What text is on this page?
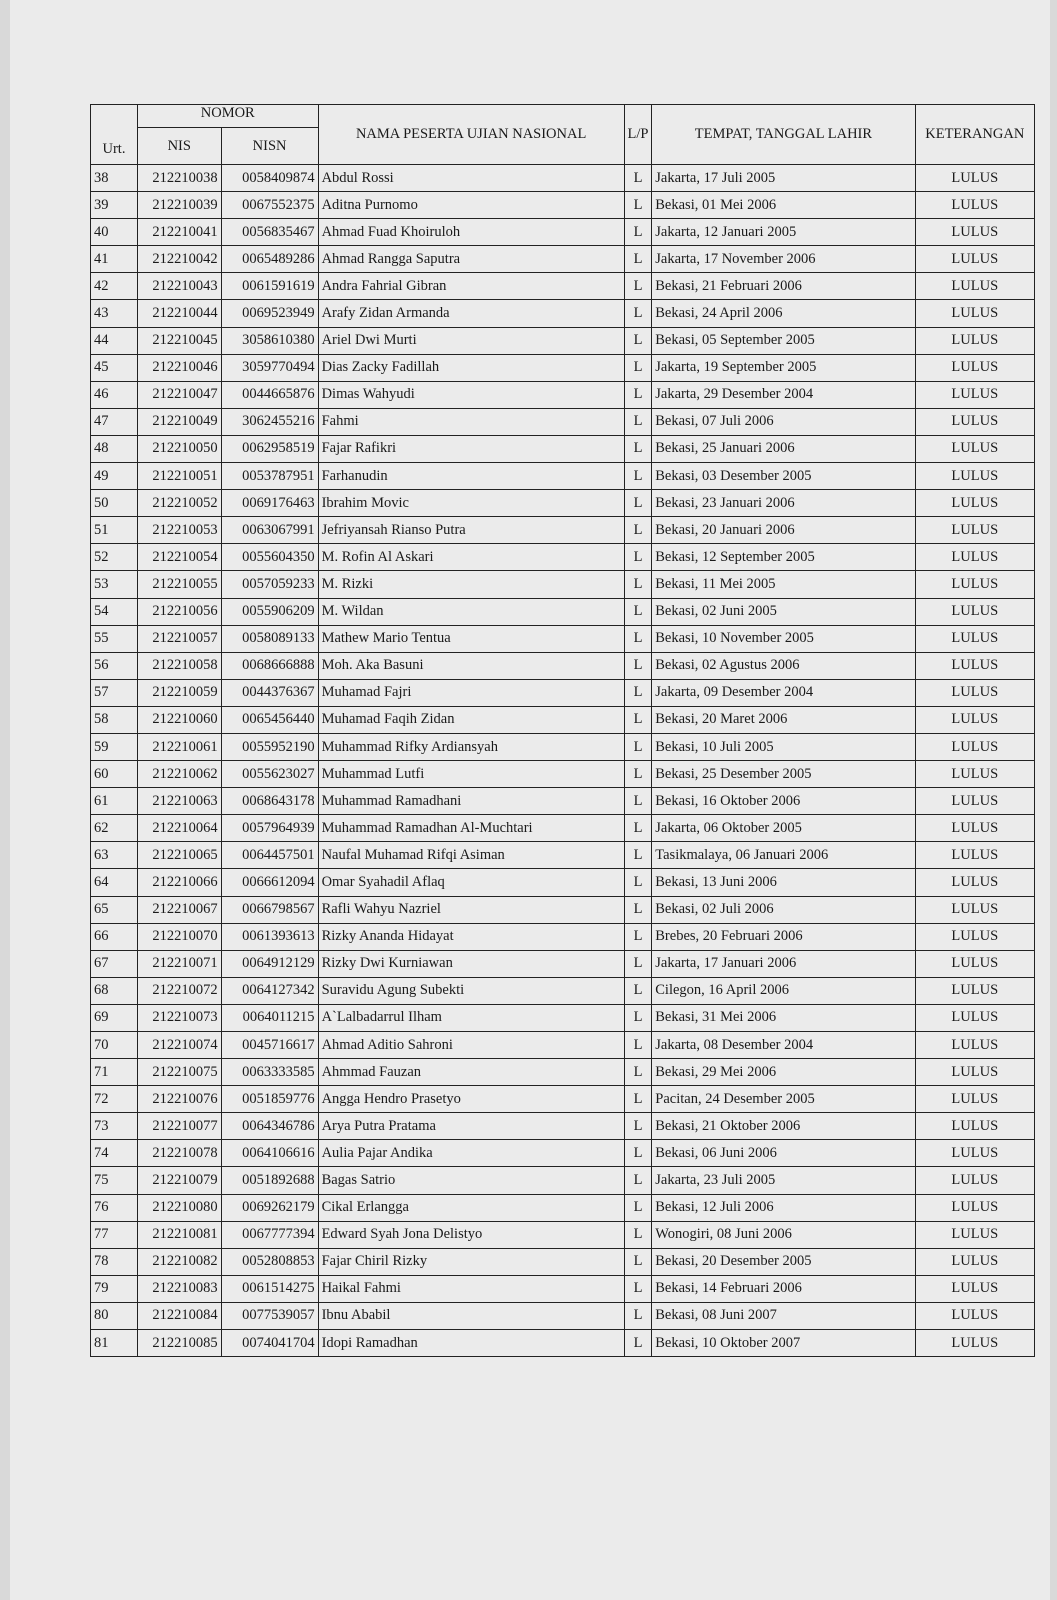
Urt.	NOMOR		NAMA PESERTA UJIAN NASIONAL	L/P	TEMPAT, TANGGAL LAHIR	KETERANGAN
	NIS	NISN				
38	212210038	0058409874	Abdul Rossi	L	Jakarta, 17 Juli 2005	LULUS
39	212210039	0067552375	Aditna Purnomo	L	Bekasi, 01 Mei 2006	LULUS
40	212210041	0056835467	Ahmad Fuad Khoiruloh	L	Jakarta, 12 Januari 2005	LULUS
41	212210042	0065489286	Ahmad Rangga Saputra	L	Jakarta, 17 November 2006	LULUS
42	212210043	0061591619	Andra Fahrial Gibran	L	Bekasi, 21 Februari 2006	LULUS
43	212210044	0069523949	Arafy Zidan Armanda	L	Bekasi, 24 April 2006	LULUS
44	212210045	3058610380	Ariel Dwi Murti	L	Bekasi, 05 September 2005	LULUS
45	212210046	3059770494	Dias Zacky Fadillah	L	Jakarta, 19 September 2005	LULUS
46	212210047	0044665876	Dimas Wahyudi	L	Jakarta, 29 Desember 2004	LULUS
47	212210049	3062455216	Fahmi	L	Bekasi, 07 Juli 2006	LULUS
48	212210050	0062958519	Fajar Rafikri	L	Bekasi, 25 Januari 2006	LULUS
49	212210051	0053787951	Farhanudin	L	Bekasi, 03 Desember 2005	LULUS
50	212210052	0069176463	Ibrahim Movic	L	Bekasi, 23 Januari 2006	LULUS
51	212210053	0063067991	Jefriyansah Rianso Putra	L	Bekasi, 20 Januari 2006	LULUS
52	212210054	0055604350	M. Rofin Al Askari	L	Bekasi, 12 September 2005	LULUS
53	212210055	0057059233	M. Rizki	L	Bekasi, 11 Mei 2005	LULUS
54	212210056	0055906209	M. Wildan	L	Bekasi, 02 Juni 2005	LULUS
55	212210057	0058089133	Mathew Mario Tentua	L	Bekasi, 10 November 2005	LULUS
56	212210058	0068666888	Moh. Aka Basuni	L	Bekasi, 02 Agustus 2006	LULUS
57	212210059	0044376367	Muhamad Fajri	L	Jakarta, 09 Desember 2004	LULUS
58	212210060	0065456440	Muhamad Faqih Zidan	L	Bekasi, 20 Maret 2006	LULUS
59	212210061	0055952190	Muhammad Rifky Ardiansyah	L	Bekasi, 10 Juli 2005	LULUS
60	212210062	0055623027	Muhammad Lutfi	L	Bekasi, 25 Desember 2005	LULUS
61	212210063	0068643178	Muhammad Ramadhani	L	Bekasi, 16 Oktober 2006	LULUS
62	212210064	0057964939	Muhammad Ramadhan Al-Muchtari	L	Jakarta, 06 Oktober 2005	LULUS
63	212210065	0064457501	Naufal Muhamad Rifqi Asiman	L	Tasikmalaya, 06 Januari 2006	LULUS
64	212210066	0066612094	Omar Syahadil Aflaq	L	Bekasi, 13 Juni 2006	LULUS
65	212210067	0066798567	Rafli Wahyu Nazriel	L	Bekasi, 02 Juli 2006	LULUS
66	212210070	0061393613	Rizky Ananda Hidayat	L	Brebes, 20 Februari 2006	LULUS
67	212210071	0064912129	Rizky Dwi Kurniawan	L	Jakarta, 17 Januari 2006	LULUS
68	212210072	0064127342	Suravidu Agung Subekti	L	Cilegon, 16 April 2006	LULUS
69	212210073	0064011215	A`Lalbadarrul Ilham	L	Bekasi, 31 Mei 2006	LULUS
70	212210074	0045716617	Ahmad Aditio Sahroni	L	Jakarta, 08 Desember 2004	LULUS
71	212210075	0063333585	Ahmmad Fauzan	L	Bekasi, 29 Mei 2006	LULUS
72	212210076	0051859776	Angga Hendro Prasetyo	L	Pacitan, 24 Desember 2005	LULUS
73	212210077	0064346786	Arya Putra Pratama	L	Bekasi, 21 Oktober 2006	LULUS
74	212210078	0064106616	Aulia Pajar Andika	L	Bekasi, 06 Juni 2006	LULUS
75	212210079	0051892688	Bagas Satrio	L	Jakarta, 23 Juli 2005	LULUS
76	212210080	0069262179	Cikal Erlangga	L	Bekasi, 12 Juli 2006	LULUS
77	212210081	0067777394	Edward Syah Jona Delistyo	L	Wonogiri, 08 Juni 2006	LULUS
78	212210082	0052808853	Fajar Chiril Rizky	L	Bekasi, 20 Desember 2005	LULUS
79	212210083	0061514275	Haikal Fahmi	L	Bekasi, 14 Februari 2006	LULUS
80	212210084	0077539057	Ibnu Ababil	L	Bekasi, 08 Juni 2007	LULUS
81	212210085	0074041704	Idopi Ramadhan	L	Bekasi, 10 Oktober 2007	LULUS
